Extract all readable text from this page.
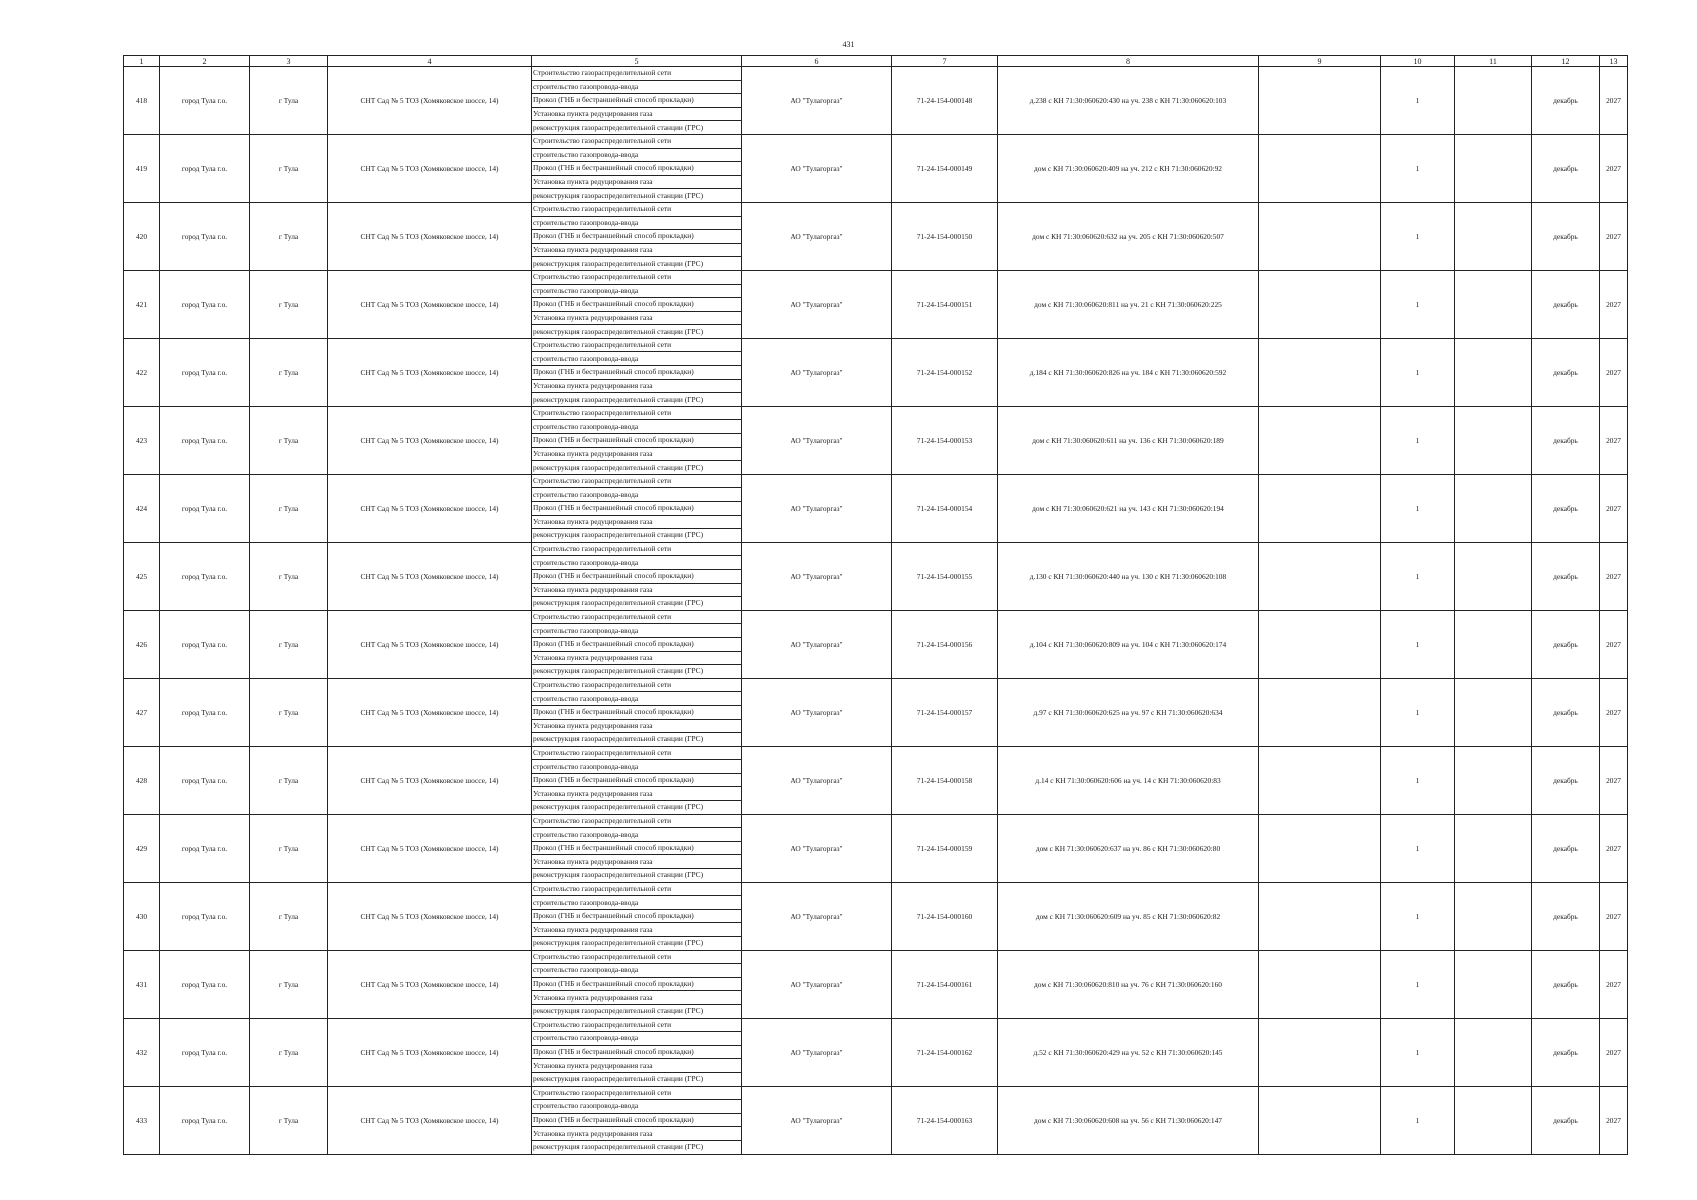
431
1	2	3	4	5	6	7	8	9	10	11	12	13
418	город Тула г.о.	г Тула	СНТ Сад № 5 ТОЗ (Хомяковское шоссе, 14)	Строительство газораспределительной сети	АО "Тулагоргаз"	71-24-154-000148	д.238 с КН 71:30:060620:430 на уч. 238 с КН 71:30:060620:103		1		декабрь	2027
				строительство газопровода-ввода								
				Прокол (ГНБ и бестраншейный способ прокладки)								
				Установка пункта редуцирования газа								
				реконструкция газораспределительной станции (ГРС)								
419	город Тула г.о.	г Тула	СНТ Сад № 5 ТОЗ (Хомяковское шоссе, 14)	Строительство газораспределительной сети	АО "Тулагоргаз"	71-24-154-000149	дом с КН 71:30:060620:409 на уч. 212 с КН 71:30:060620:92		1		декабрь	2027
				строительство газопровода-ввода								
				Прокол (ГНБ и бестраншейный способ прокладки)								
				Установка пункта редуцирования газа								
				реконструкция газораспределительной станции (ГРС)								
420	город Тула г.о.	г Тула	СНТ Сад № 5 ТОЗ (Хомяковское шоссе, 14)	Строительство газораспределительной сети	АО "Тулагоргаз"	71-24-154-000150	дом с КН 71:30:060620:632 на уч. 205 с КН 71:30:060620:507		1		декабрь	2027
				строительство газопровода-ввода								
				Прокол (ГНБ и бестраншейный способ прокладки)								
				Установка пункта редуцирования газа								
				реконструкция газораспределительной станции (ГРС)								
421	город Тула г.о.	г Тула	СНТ Сад № 5 ТОЗ (Хомяковское шоссе, 14)	Строительство газораспределительной сети	АО "Тулагоргаз"	71-24-154-000151	дом с КН 71:30:060620:811 на уч. 21 с КН 71:30:060620:225		1		декабрь	2027
				строительство газопровода-ввода								
				Прокол (ГНБ и бестраншейный способ прокладки)								
				Установка пункта редуцирования газа								
				реконструкция газораспределительной станции (ГРС)								
422	город Тула г.о.	г Тула	СНТ Сад № 5 ТОЗ (Хомяковское шоссе, 14)	Строительство газораспределительной сети	АО "Тулагоргаз"	71-24-154-000152	д.184 с КН 71:30:060620:826 на уч. 184 с КН 71:30:060620:592		1		декабрь	2027
				строительство газопровода-ввода								
				Прокол (ГНБ и бестраншейный способ прокладки)								
				Установка пункта редуцирования газа								
				реконструкция газораспределительной станции (ГРС)								
423	город Тула г.о.	г Тула	СНТ Сад № 5 ТОЗ (Хомяковское шоссе, 14)	Строительство газораспределительной сети	АО "Тулагоргаз"	71-24-154-000153	дом с КН 71:30:060620:611 на уч. 136 с КН 71:30:060620:189		1		декабрь	2027
				строительство газопровода-ввода								
				Прокол (ГНБ и бестраншейный способ прокладки)								
				Установка пункта редуцирования газа								
				реконструкция газораспределительной станции (ГРС)								
424	город Тула г.о.	г Тула	СНТ Сад № 5 ТОЗ (Хомяковское шоссе, 14)	Строительство газораспределительной сети	АО "Тулагоргаз"	71-24-154-000154	дом с КН 71:30:060620:621 на уч. 143 с КН 71:30:060620:194		1		декабрь	2027
				строительство газопровода-ввода								
				Прокол (ГНБ и бестраншейный способ прокладки)								
				Установка пункта редуцирования газа								
				реконструкция газораспределительной станции (ГРС)								
425	город Тула г.о.	г Тула	СНТ Сад № 5 ТОЗ (Хомяковское шоссе, 14)	Строительство газораспределительной сети	АО "Тулагоргаз"	71-24-154-000155	д.130 с КН 71:30:060620:440 на уч. 130 с КН 71:30:060620:108		1		декабрь	2027
				строительство газопровода-ввода								
				Прокол (ГНБ и бестраншейный способ прокладки)								
				Установка пункта редуцирования газа								
				реконструкция газораспределительной станции (ГРС)								
426	город Тула г.о.	г Тула	СНТ Сад № 5 ТОЗ (Хомяковское шоссе, 14)	Строительство газораспределительной сети	АО "Тулагоргаз"	71-24-154-000156	д.104 с КН 71:30:060620:809 на уч. 104 с КН 71:30:060620:174		1		декабрь	2027
				строительство газопровода-ввода								
				Прокол (ГНБ и бестраншейный способ прокладки)								
				Установка пункта редуцирования газа								
				реконструкция газораспределительной станции (ГРС)								
427	город Тула г.о.	г Тула	СНТ Сад № 5 ТОЗ (Хомяковское шоссе, 14)	Строительство газораспределительной сети	АО "Тулагоргаз"	71-24-154-000157	д.97 с КН 71:30:060620:625 на уч. 97 с КН 71:30:060620:634		1		декабрь	2027
				строительство газопровода-ввода								
				Прокол (ГНБ и бестраншейный способ прокладки)								
				Установка пункта редуцирования газа								
				реконструкция газораспределительной станции (ГРС)								
428	город Тула г.о.	г Тула	СНТ Сад № 5 ТОЗ (Хомяковское шоссе, 14)	Строительство газораспределительной сети	АО "Тулагоргаз"	71-24-154-000158	д.14 с КН 71:30:060620:606 на уч. 14 с КН 71:30:060620:83		1		декабрь	2027
				строительство газопровода-ввода								
				Прокол (ГНБ и бестраншейный способ прокладки)								
				Установка пункта редуцирования газа								
				реконструкция газораспределительной станции (ГРС)								
429	город Тула г.о.	г Тула	СНТ Сад № 5 ТОЗ (Хомяковское шоссе, 14)	Строительство газораспределительной сети	АО "Тулагоргаз"	71-24-154-000159	дом с КН 71:30:060620:637 на уч. 86 с КН 71:30:060620:80		1		декабрь	2027
				строительство газопровода-ввода								
				Прокол (ГНБ и бестраншейный способ прокладки)								
				Установка пункта редуцирования газа								
				реконструкция газораспределительной станции (ГРС)								
430	город Тула г.о.	г Тула	СНТ Сад № 5 ТОЗ (Хомяковское шоссе, 14)	Строительство газораспределительной сети	АО "Тулагоргаз"	71-24-154-000160	дом с КН 71:30:060620:609 на уч. 85 с КН 71:30:060620:82		1		декабрь	2027
				строительство газопровода-ввода								
				Прокол (ГНБ и бестраншейный способ прокладки)								
				Установка пункта редуцирования газа								
				реконструкция газораспределительной станции (ГРС)								
431	город Тула г.о.	г Тула	СНТ Сад № 5 ТОЗ (Хомяковское шоссе, 14)	Строительство газораспределительной сети	АО "Тулагоргаз"	71-24-154-000161	дом с КН 71:30:060620:810 на уч. 76 с КН 71:30:060620:160		1		декабрь	2027
				строительство газопровода-ввода								
				Прокол (ГНБ и бестраншейный способ прокладки)								
				Установка пункта редуцирования газа								
				реконструкция газораспределительной станции (ГРС)								
432	город Тула г.о.	г Тула	СНТ Сад № 5 ТОЗ (Хомяковское шоссе, 14)	Строительство газораспределительной сети	АО "Тулагоргаз"	71-24-154-000162	д.52 с КН 71:30:060620:429 на уч. 52 с КН 71:30:060620:145		1		декабрь	2027
				строительство газопровода-ввода								
				Прокол (ГНБ и бестраншейный способ прокладки)								
				Установка пункта редуцирования газа								
				реконструкция газораспределительной станции (ГРС)								
433	город Тула г.о.	г Тула	СНТ Сад № 5 ТОЗ (Хомяковское шоссе, 14)	Строительство газораспределительной сети	АО "Тулагоргаз"	71-24-154-000163	дом с КН 71:30:060620:608 на уч. 56 с КН 71:30:060620:147		1		декабрь	2027
				строительство газопровода-ввода								
				Прокол (ГНБ и бестраншейный способ прокладки)								
				Установка пункта редуцирования газа								
				реконструкция газораспределительной станции (ГРС)								
